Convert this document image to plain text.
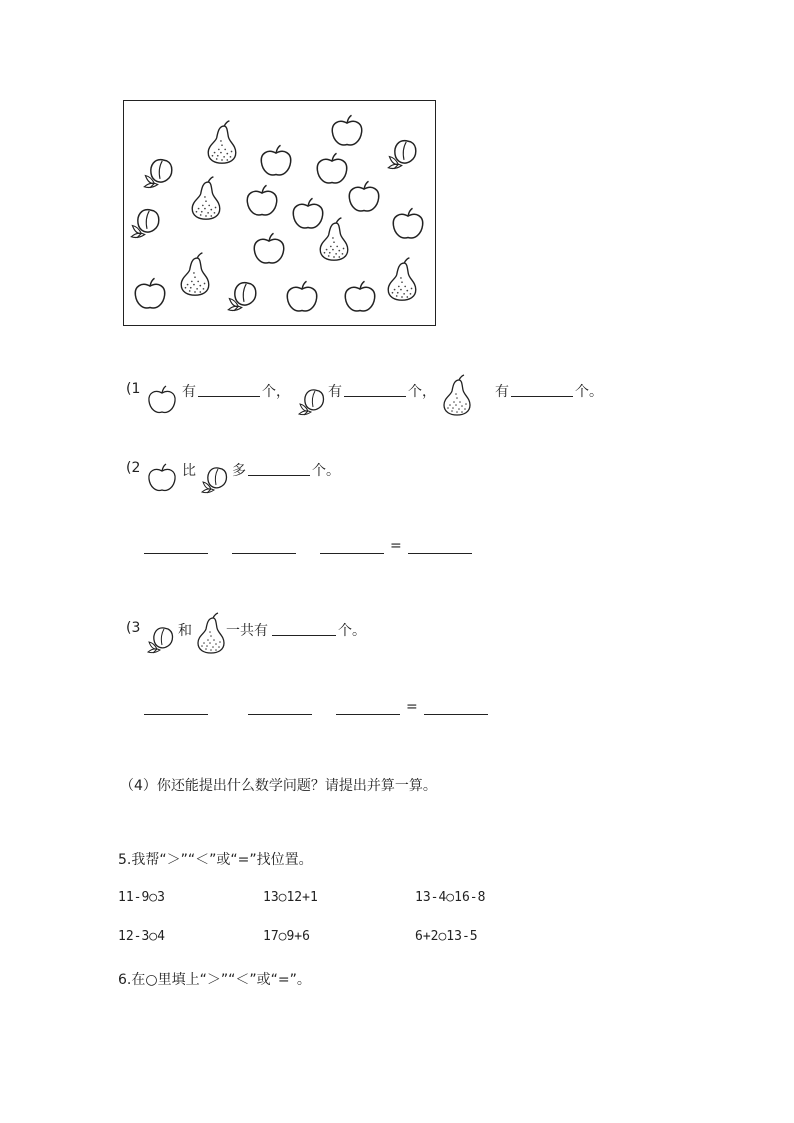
(1	有	个，	有	个，	有	个。
(2	比	多	个。
=
(3	和 一共有	个。
=
（4）你还能提出什么数学问题？请提出并算一算。
5.我帮“＞”“＜”或“=”找位置。
11-9○3	13○12+1	13-4○16-8
12-3○4	17○9+6	6+2○13-5
6.在○里填上“＞”“＜”或“=”。
